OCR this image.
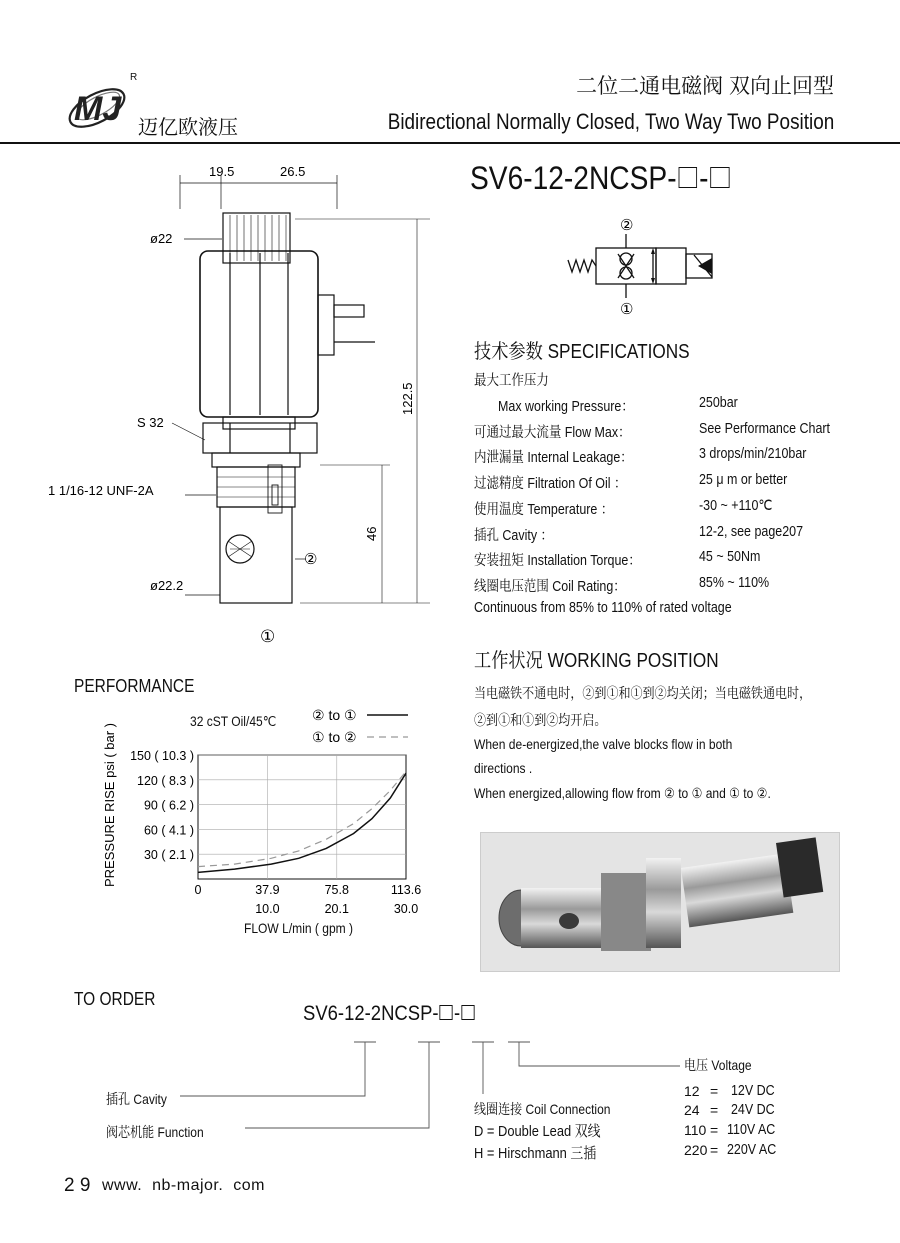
MJ
R
迈亿欧液压
二位二通电磁阀 双向止回型
Bidirectional Normally Closed, Two Way Two Position
SV6-12-2NCSP- -
19.5	26.5
ø22
S 32
1 1/16-12 UNF-2A
ø22.2
122.5
46
②
①
②
①
技术参数 SPECIFICATIONS
最大工作压力
Max working Pressure：	250bar
可通过最大流量 Flow Max：	See Performance Chart
内泄漏量 Internal Leakage：	3 drops/min/210bar
过滤精度 Filtration Of Oil ：	25 μ m or better
使用温度 Temperature ：	-30 ~ +110℃
插孔 Cavity ：	12-2, see page207
安装扭矩 Installation Torque：	45 ~ 50Nm
线圈电压范围 Coil Rating：	85% ~ 110%
Continuous from 85% to 110% of rated voltage
工作状况 WORKING POSITION
当电磁铁不通电时，②到①和①到②均关闭；当电磁铁通电时，
②到①和①到②均开启。
When de-energized,the valve blocks flow in both
directions .
When energized,allowing flow from ② to ① and ① to ②.
PERFORMANCE
32 cST Oil/45℃	② to ①
① to ②
150 ( 10.3 )
120 ( 8.3 )
90 ( 6.2 )
60 ( 4.1 )
30 ( 2.1 )
0	37.9	75.8	113.6
10.0	20.1	30.0
PRESSURE RISE psi ( bar )
FLOW L/min ( gpm )
TO ORDER
SV6-12-2NCSP- -
插孔 Cavity
阀芯机能 Function
线圈连接 Coil Connection
D = Double Lead 双线
H = Hirschmann 三插
电压 Voltage
12 = 12V DC
24 = 24V DC
110 = 110V AC
220 = 220V AC
2 9 www.  nb-major.  com
